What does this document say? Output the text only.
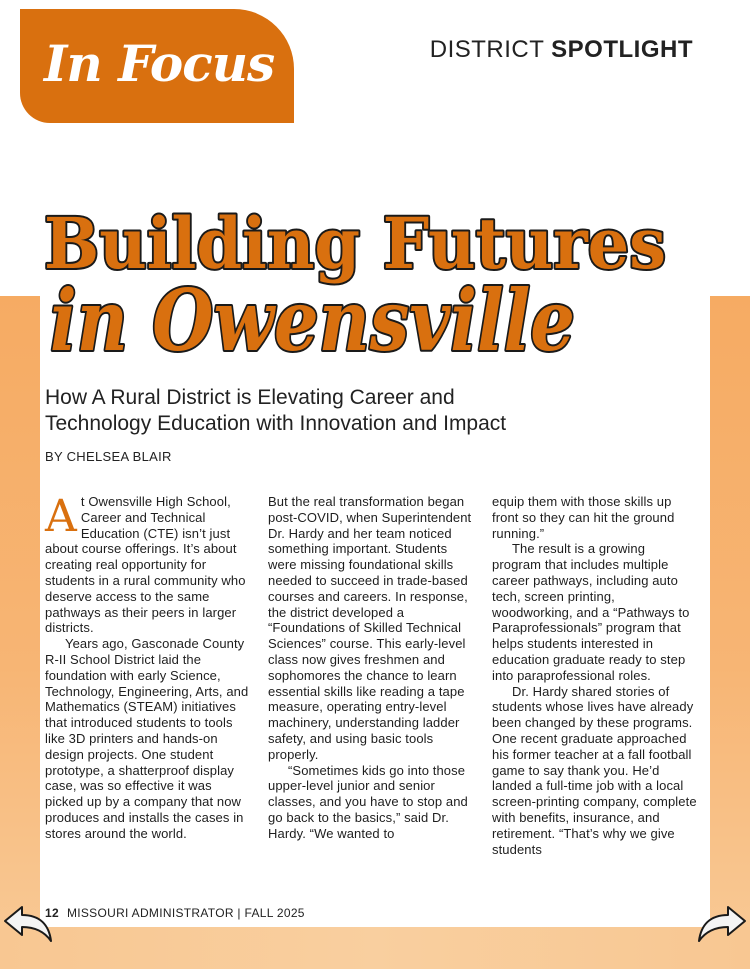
In Focus	DISTRICT SPOTLIGHT
Building Futures
in Owensville
How A Rural District is Elevating Career and
Technology Education with Innovation and Impact
BY CHELSEA BLAIR

At Owensville High School, Career and Technical Education (CTE) isn’t just about course offerings. It’s about creating real opportunity for students in a rural community who deserve access to the same pathways as their peers in larger districts.

Years ago, Gasconade County R-II School District laid the foundation with early Science, Technology, Engineering, Arts, and Mathematics (STEAM) initiatives that introduced students to tools like 3D printers and hands-on design projects. One student prototype, a shatterproof display case, was so effective it was picked up by a company that now produces and installs the cases in stores around the world.

But the real transformation began post-COVID, when Superintendent Dr. Hardy and her team noticed something important. Students were missing foundational skills needed to succeed in trade-based courses and careers. In response, the district developed a “Foundations of Skilled Technical Sciences” course. This early-level class now gives freshmen and sophomores the chance to learn essential skills like reading a tape measure, operating entry-level machinery, understanding ladder safety, and using basic tools properly.

“Sometimes kids go into those upper-level junior and senior classes, and you have to stop and go back to the basics,” said Dr. Hardy. “We wanted to

equip them with those skills up front so they can hit the ground running.”

The result is a growing program that includes multiple career pathways, including auto tech, screen printing, woodworking, and a “Pathways to Paraprofessionals” program that helps students interested in education graduate ready to step into paraprofessional roles.

Dr. Hardy shared stories of students whose lives have already been changed by these programs. One recent graduate approached his former teacher at a fall football game to say thank you. He’d landed a full-time job with a local screen-printing company, complete with benefits, insurance, and retirement. “That’s why we give students

12 MISSOURI ADMINISTRATOR | FALL 2025
